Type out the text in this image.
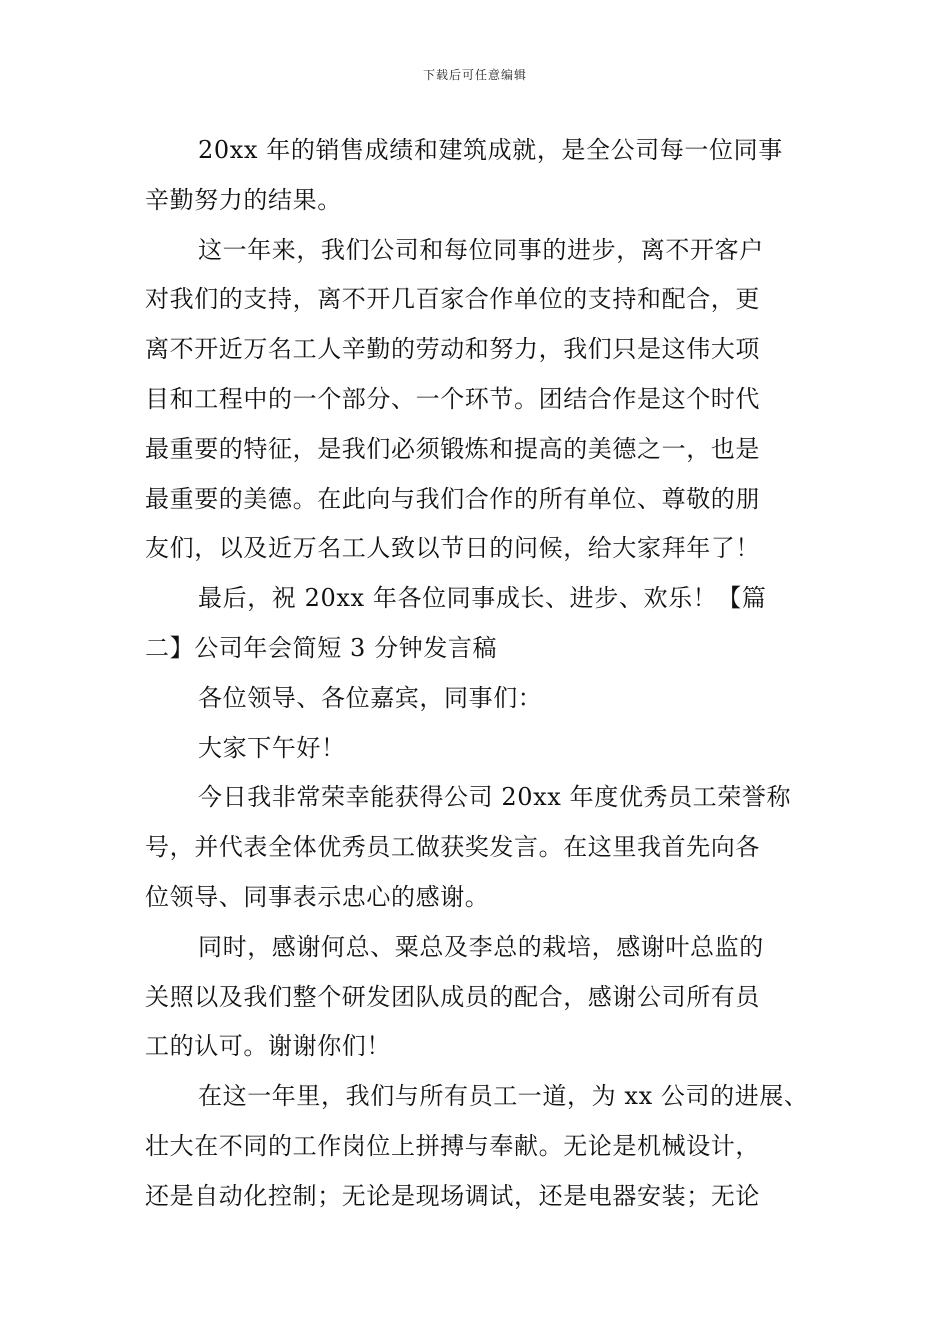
下载后可任意编辑
20xx 年的销售成绩和建筑成就，是全公司每一位同事
辛勤努力的结果。
这一年来，我们公司和每位同事的进步，离不开客户
对我们的支持，离不开几百家合作单位的支持和配合，更
离不开近万名工人辛勤的劳动和努力，我们只是这伟大项
目和工程中的一个部分、一个环节。团结合作是这个时代
最重要的特征，是我们必须锻炼和提高的美德之一，也是
最重要的美德。在此向与我们合作的所有单位、尊敬的朋
友们，以及近万名工人致以节日的问候，给大家拜年了！
最后，祝 20xx 年各位同事成长、进步、欢乐！【篇
二】公司年会简短 3 分钟发言稿
各位领导、各位嘉宾，同事们：
大家下午好！
今日我非常荣幸能获得公司 20xx 年度优秀员工荣誉称
号，并代表全体优秀员工做获奖发言。在这里我首先向各
位领导、同事表示忠心的感谢。
同时，感谢何总、粟总及李总的栽培，感谢叶总监的
关照以及我们整个研发团队成员的配合，感谢公司所有员
工的认可。谢谢你们！
在这一年里，我们与所有员工一道，为 xx 公司的进展、
壮大在不同的工作岗位上拼搏与奉献。无论是机械设计，
还是自动化控制；无论是现场调试，还是电器安装；无论
